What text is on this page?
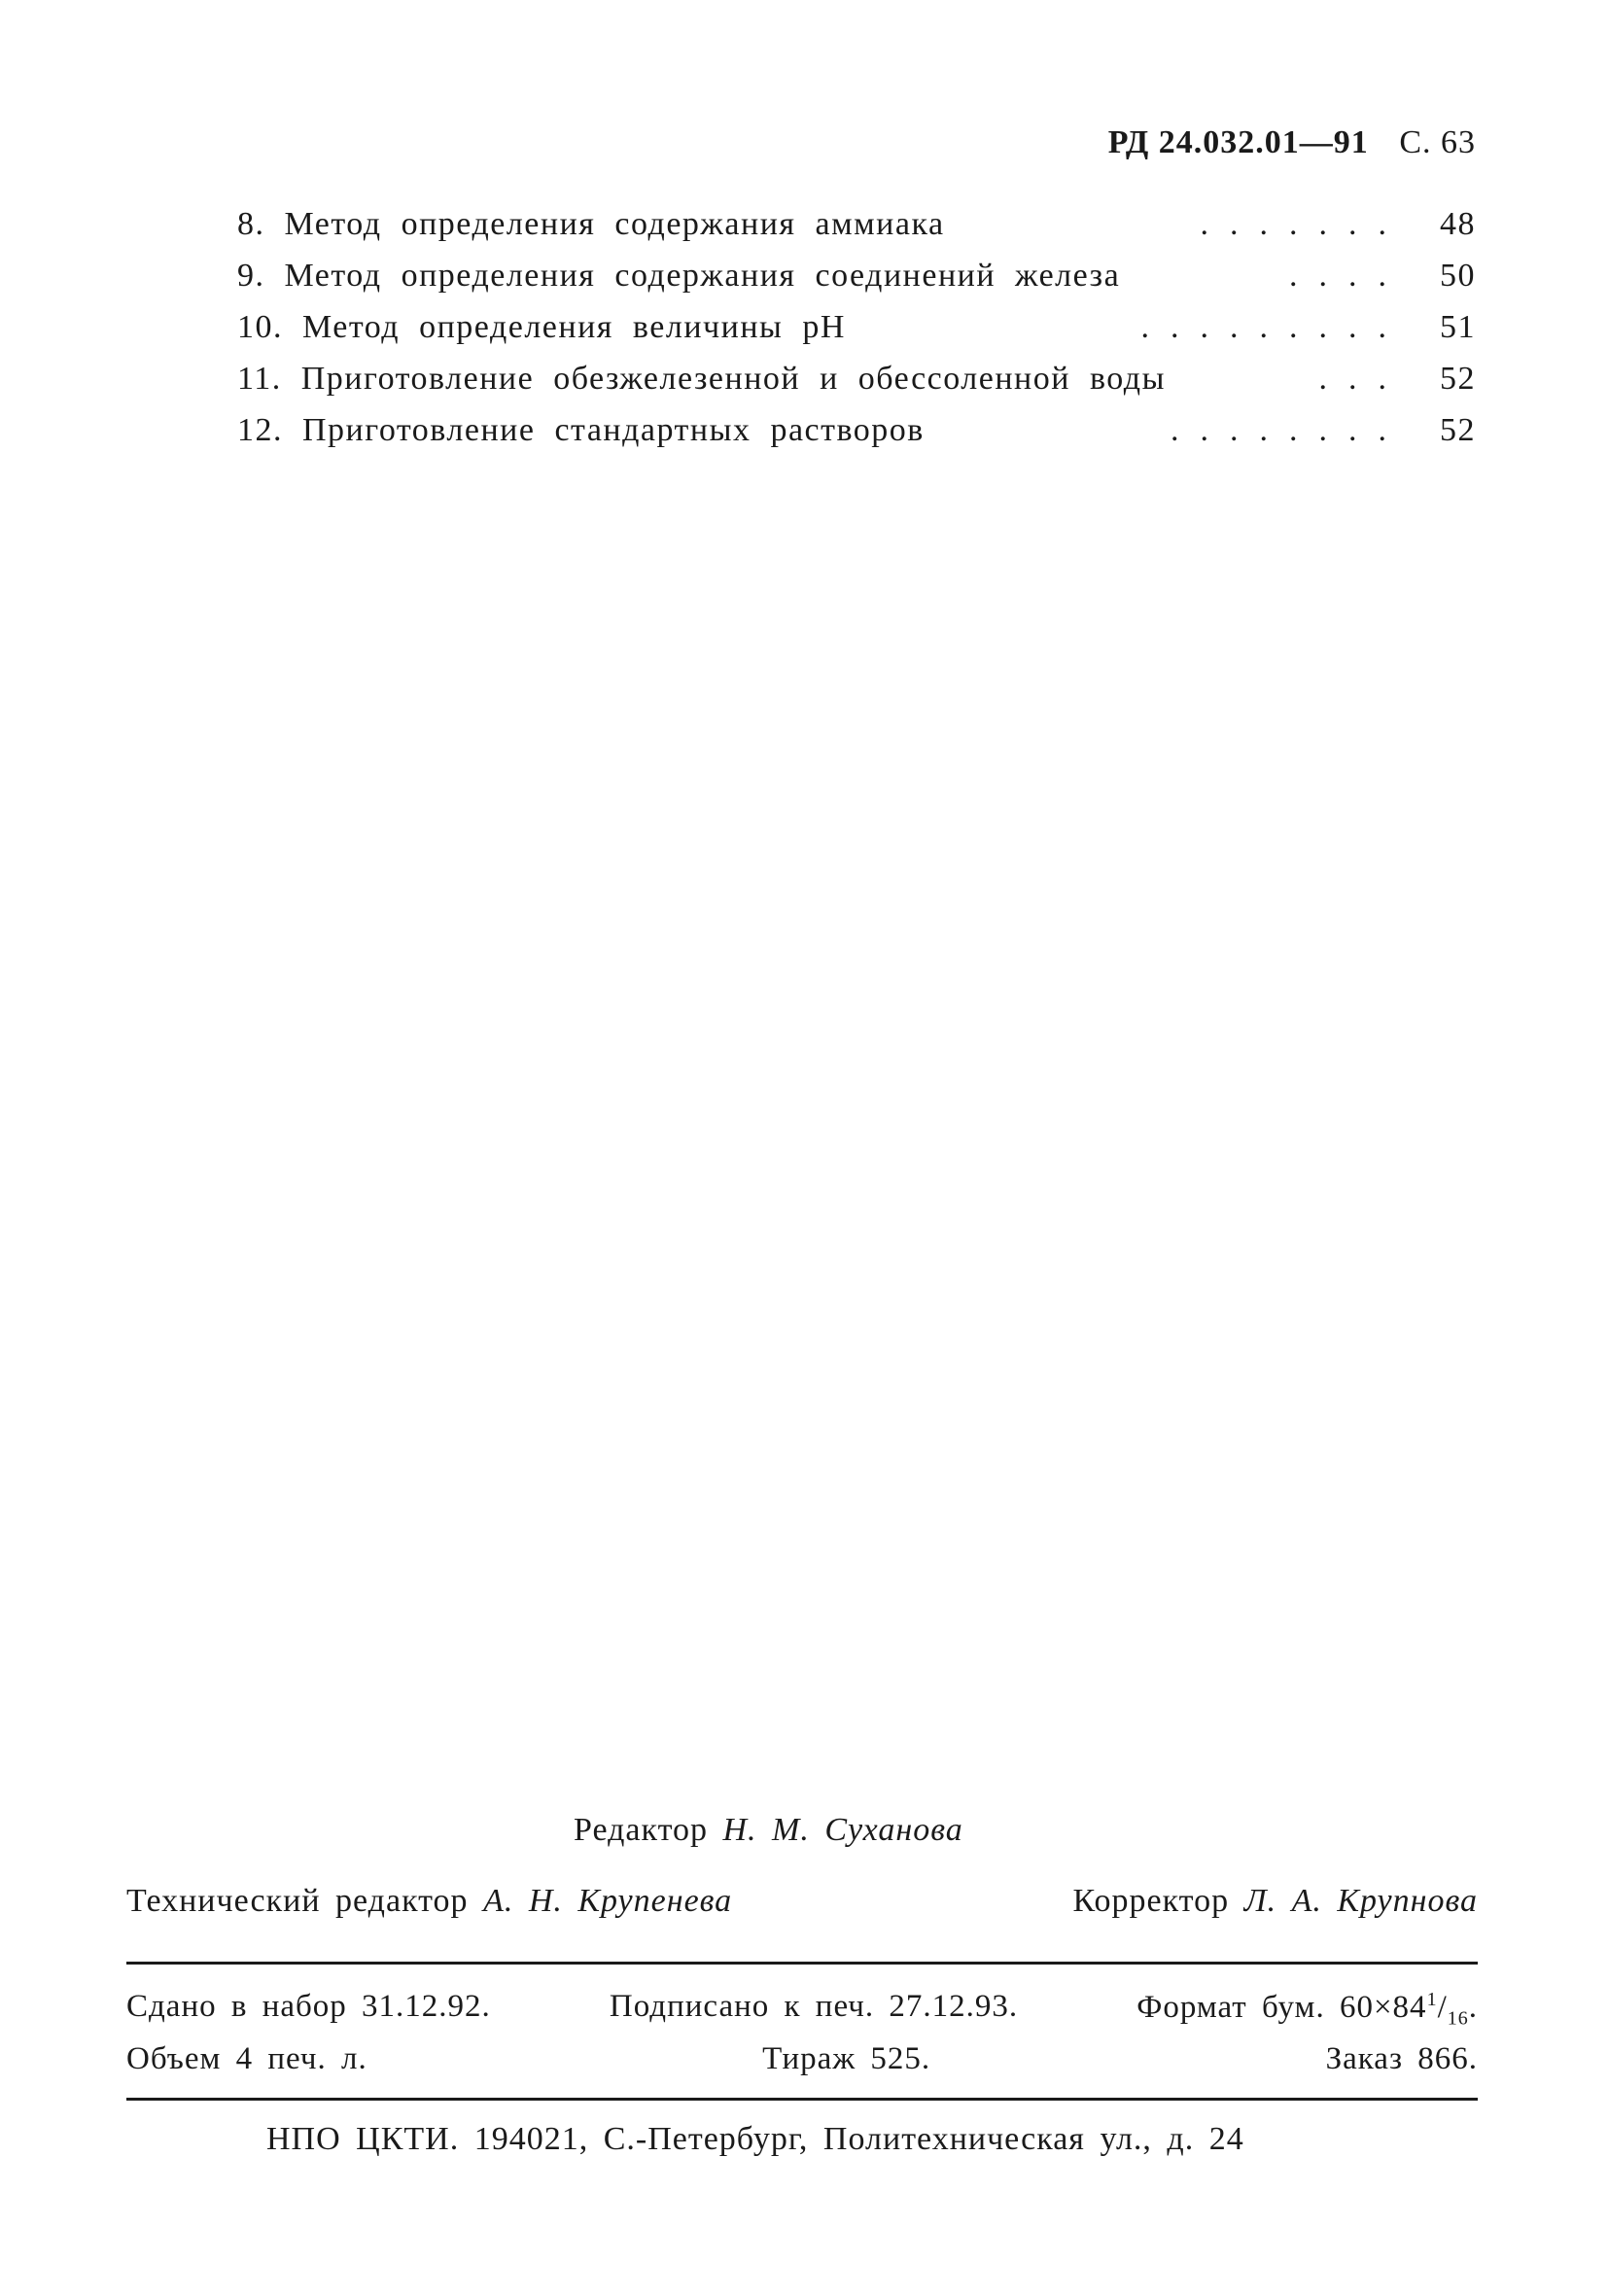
РД 24.032.01—91 С. 63
8. Метод определения содержания аммиака	....... 48
9. Метод определения содержания соединений железа	.... 50
10. Метод определения величины pH	......... 51
11. Приготовление обезжелезенной и обессоленной воды	... 52
12. Приготовление стандартных растворов	........ 52
Редактор Н. М. Суханова
Технический редактор А. Н. Крупенева	Корректор Л. А. Крупнова
Сдано в набор 31.12.92.	Подписано к печ. 27.12.93.	Формат бум. $60\times 84^1/_{16}$.
Объем 4 печ. л.	Тираж 525.	Заказ 866.
НПО ЦКТИ. 194021, С.-Петербург, Политехническая ул., д. 24
